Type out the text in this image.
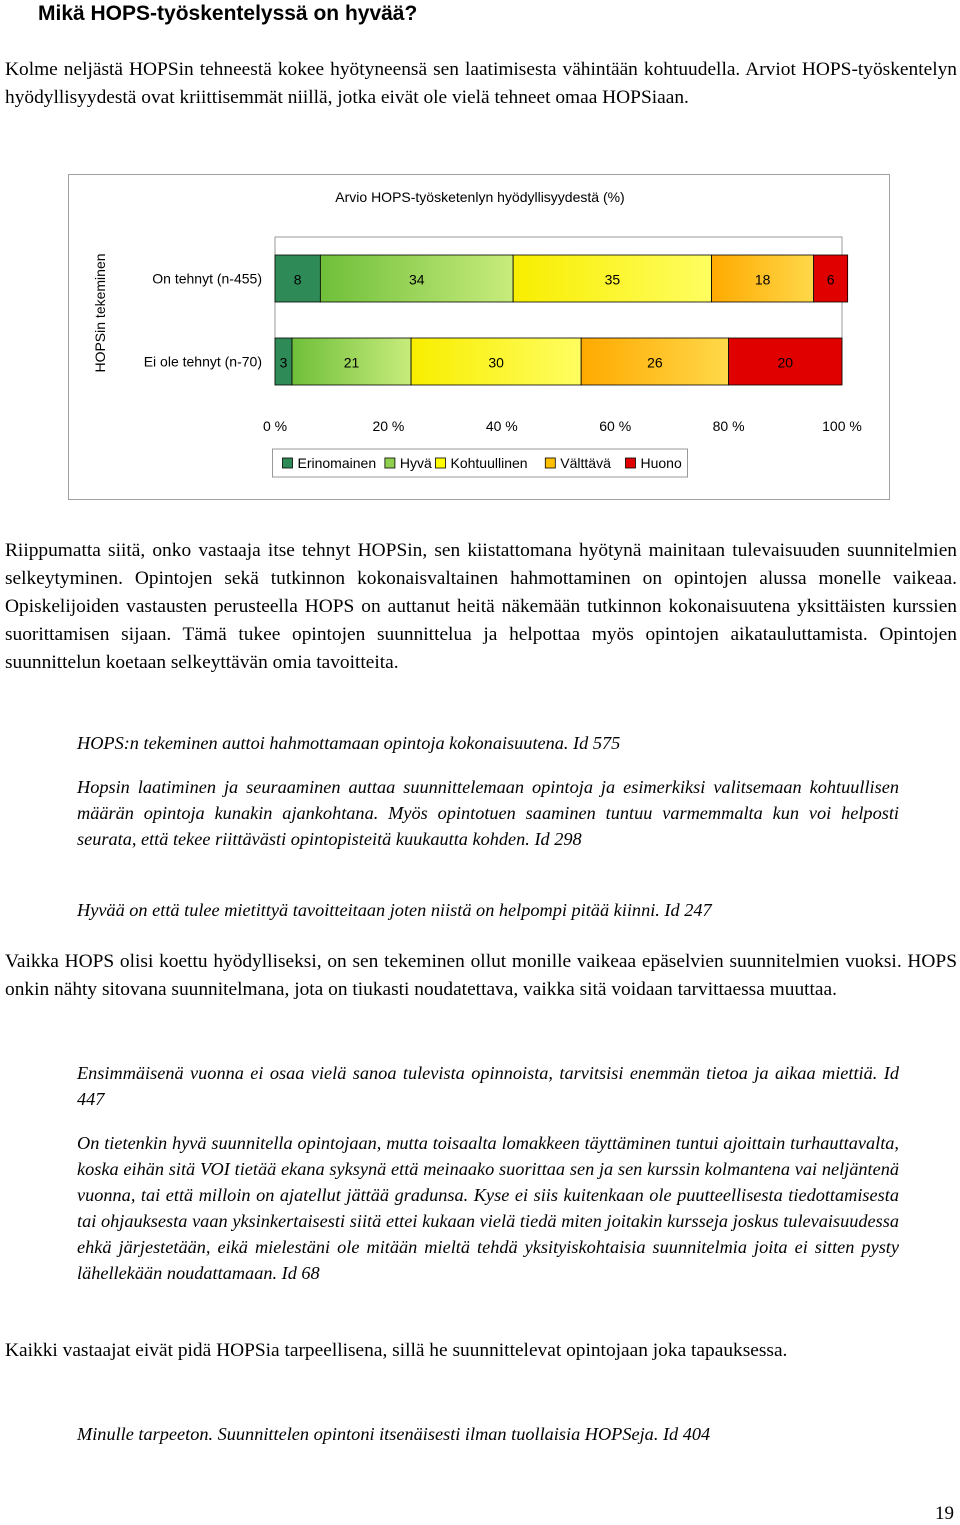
Mikä HOPS-työskentelyssä on hyvää?

Kolme neljästä HOPSin tehneestä kokee hyötyneensä sen laatimisesta vähintään kohtuudella. Arviot HOPS-työskentelyn hyödyllisyydestä ovat kriittisemmät niillä, jotka eivät ole vielä tehneet omaa HOPSiaan.

Arvio HOPS-työsketenlyn hyödyllisyydestä (%)
HOPSin tekeminen	On tehnyt (n-455) 8	34	35	18	6
Ei ole tehnyt (n-70) 3	21	30	26	20
0 %	20 %	40 %	60 %	80 %	100 %
Erinomainen Hyvä Kohtuullinen Välttävä Huono

Riippumatta siitä, onko vastaaja itse tehnyt HOPSin, sen kiistattomana hyötynä mainitaan tulevaisuuden suunnitelmien selkeytyminen. Opintojen sekä tutkinnon kokonaisvaltainen hahmottaminen on opintojen alussa monelle vaikeaa. Opiskelijoiden vastausten perusteella HOPS on auttanut heitä näkemään tutkinnon kokonaisuutena yksittäisten kurssien suorittamisen sijaan. Tämä tukee opintojen suunnittelua ja helpottaa myös opintojen aikatauluttamista. Opintojen suunnittelun koetaan selkeyttävän omia tavoitteita.

HOPS:n tekeminen auttoi hahmottamaan opintoja kokonaisuutena. Id 575

Hopsin laatiminen ja seuraaminen auttaa suunnittelemaan opintoja ja esimerkiksi valitsemaan kohtuullisen määrän opintoja kunakin ajankohtana. Myös opintotuen saaminen tuntuu varmemmalta kun voi helposti seurata, että tekee riittävästi opintopisteitä kuukautta kohden. Id 298

Hyvää on että tulee mietittyä tavoitteitaan joten niistä on helpompi pitää kiinni. Id 247

Vaikka HOPS olisi koettu hyödylliseksi, on sen tekeminen ollut monille vaikeaa epäselvien suunnitelmien vuoksi. HOPS onkin nähty sitovana suunnitelmana, jota on tiukasti noudatettava, vaikka sitä voidaan tarvittaessa muuttaa.

Ensimmäisenä vuonna ei osaa vielä sanoa tulevista opinnoista, tarvitsisi enemmän tietoa ja aikaa miettiä. Id 447

On tietenkin hyvä suunnitella opintojaan, mutta toisaalta lomakkeen täyttäminen tuntui ajoittain turhauttavalta, koska eihän sitä VOI tietää ekana syksynä että meinaako suorittaa sen ja sen kurssin kolmantena vai neljäntenä vuonna, tai että milloin on ajatellut jättää gradunsa. Kyse ei siis kuitenkaan ole puutteellisesta tiedottamisesta tai ohjauksesta vaan yksinkertaisesti siitä ettei kukaan vielä tiedä miten joitakin kursseja joskus tulevaisuudessa ehkä järjestetään, eikä mielestäni ole mitään mieltä tehdä yksityiskohtaisia suunnitelmia joita ei sitten pysty lähellekään noudattamaan. Id 68

Kaikki vastaajat eivät pidä HOPSia tarpeellisena, sillä he suunnittelevat opintojaan joka tapauksessa.

Minulle tarpeeton. Suunnittelen opintoni itsenäisesti ilman tuollaisia HOPSeja. Id 404

19
